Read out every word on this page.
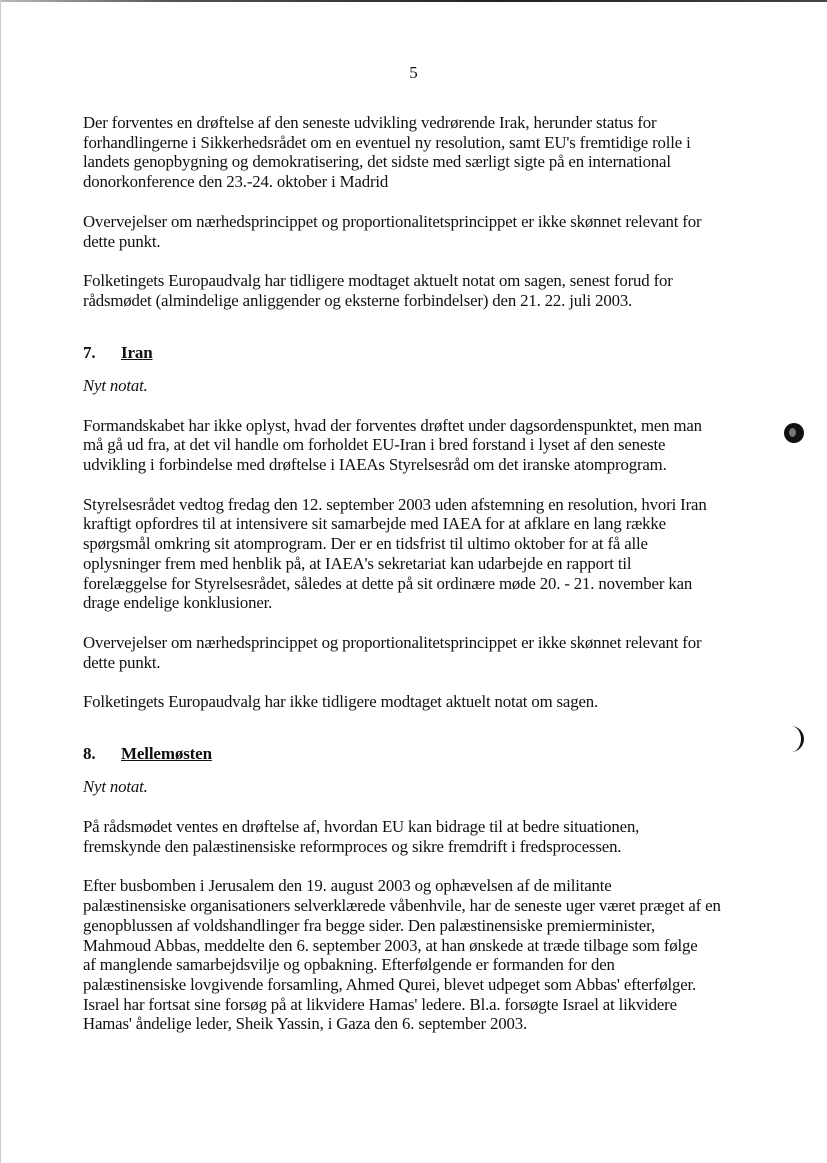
5
Der forventes en drøftelse af den seneste udvikling vedrørende Irak, herunder status for
forhandlingerne i Sikkerhedsrådet om en eventuel ny resolution, samt EU's fremtidige rolle i
landets genopbygning og demokratisering, det sidste med særligt sigte på en international
donorkonference den 23.-24. oktober i Madrid
Overvejelser om nærhedsprincippet og proportionalitetsprincippet er ikke skønnet relevant for
dette punkt.
Folketingets Europaudvalg har tidligere modtaget aktuelt notat om sagen, senest forud for
rådsmødet (almindelige anliggender og eksterne forbindelser) den 21. 22. juli 2003.
7. Iran
Nyt notat.
Formandskabet har ikke oplyst, hvad der forventes drøftet under dagsordenspunktet, men man
må gå ud fra, at det vil handle om forholdet EU-Iran i bred forstand i lyset af den seneste
udvikling i forbindelse med drøftelse i IAEAs Styrelsesråd om det iranske atomprogram.
Styrelsesrådet vedtog fredag den 12. september 2003 uden afstemning en resolution, hvori Iran
kraftigt opfordres til at intensivere sit samarbejde med IAEA for at afklare en lang række
spørgsmål omkring sit atomprogram. Der er en tidsfrist til ultimo oktober for at få alle
oplysninger frem med henblik på, at IAEA's sekretariat kan udarbejde en rapport til
forelæggelse for Styrelsesrådet, således at dette på sit ordinære møde 20. - 21. november kan
drage endelige konklusioner.
Overvejelser om nærhedsprincippet og proportionalitetsprincippet er ikke skønnet relevant for
dette punkt.
Folketingets Europaudvalg har ikke tidligere modtaget aktuelt notat om sagen.
8. Mellemøsten
Nyt notat.
På rådsmødet ventes en drøftelse af, hvordan EU kan bidrage til at bedre situationen,
fremskynde den palæstinensiske reformproces og sikre fremdrift i fredsprocessen.
Efter busbomben i Jerusalem den 19. august 2003 og ophævelsen af de militante
palæstinensiske organisationers selverklærede våbenhvile, har de seneste uger været præget af en
genopblussen af voldshandlinger fra begge sider. Den palæstinensiske premierminister,
Mahmoud Abbas, meddelte den 6. september 2003, at han ønskede at træde tilbage som følge
af manglende samarbejdsvilje og opbakning. Efterfølgende er formanden for den
palæstinensiske lovgivende forsamling, Ahmed Qurei, blevet udpeget som Abbas' efterfølger.
Israel har fortsat sine forsøg på at likvidere Hamas' ledere. Bl.a. forsøgte Israel at likvidere
Hamas' åndelige leder, Sheik Yassin, i Gaza den 6. september 2003.
